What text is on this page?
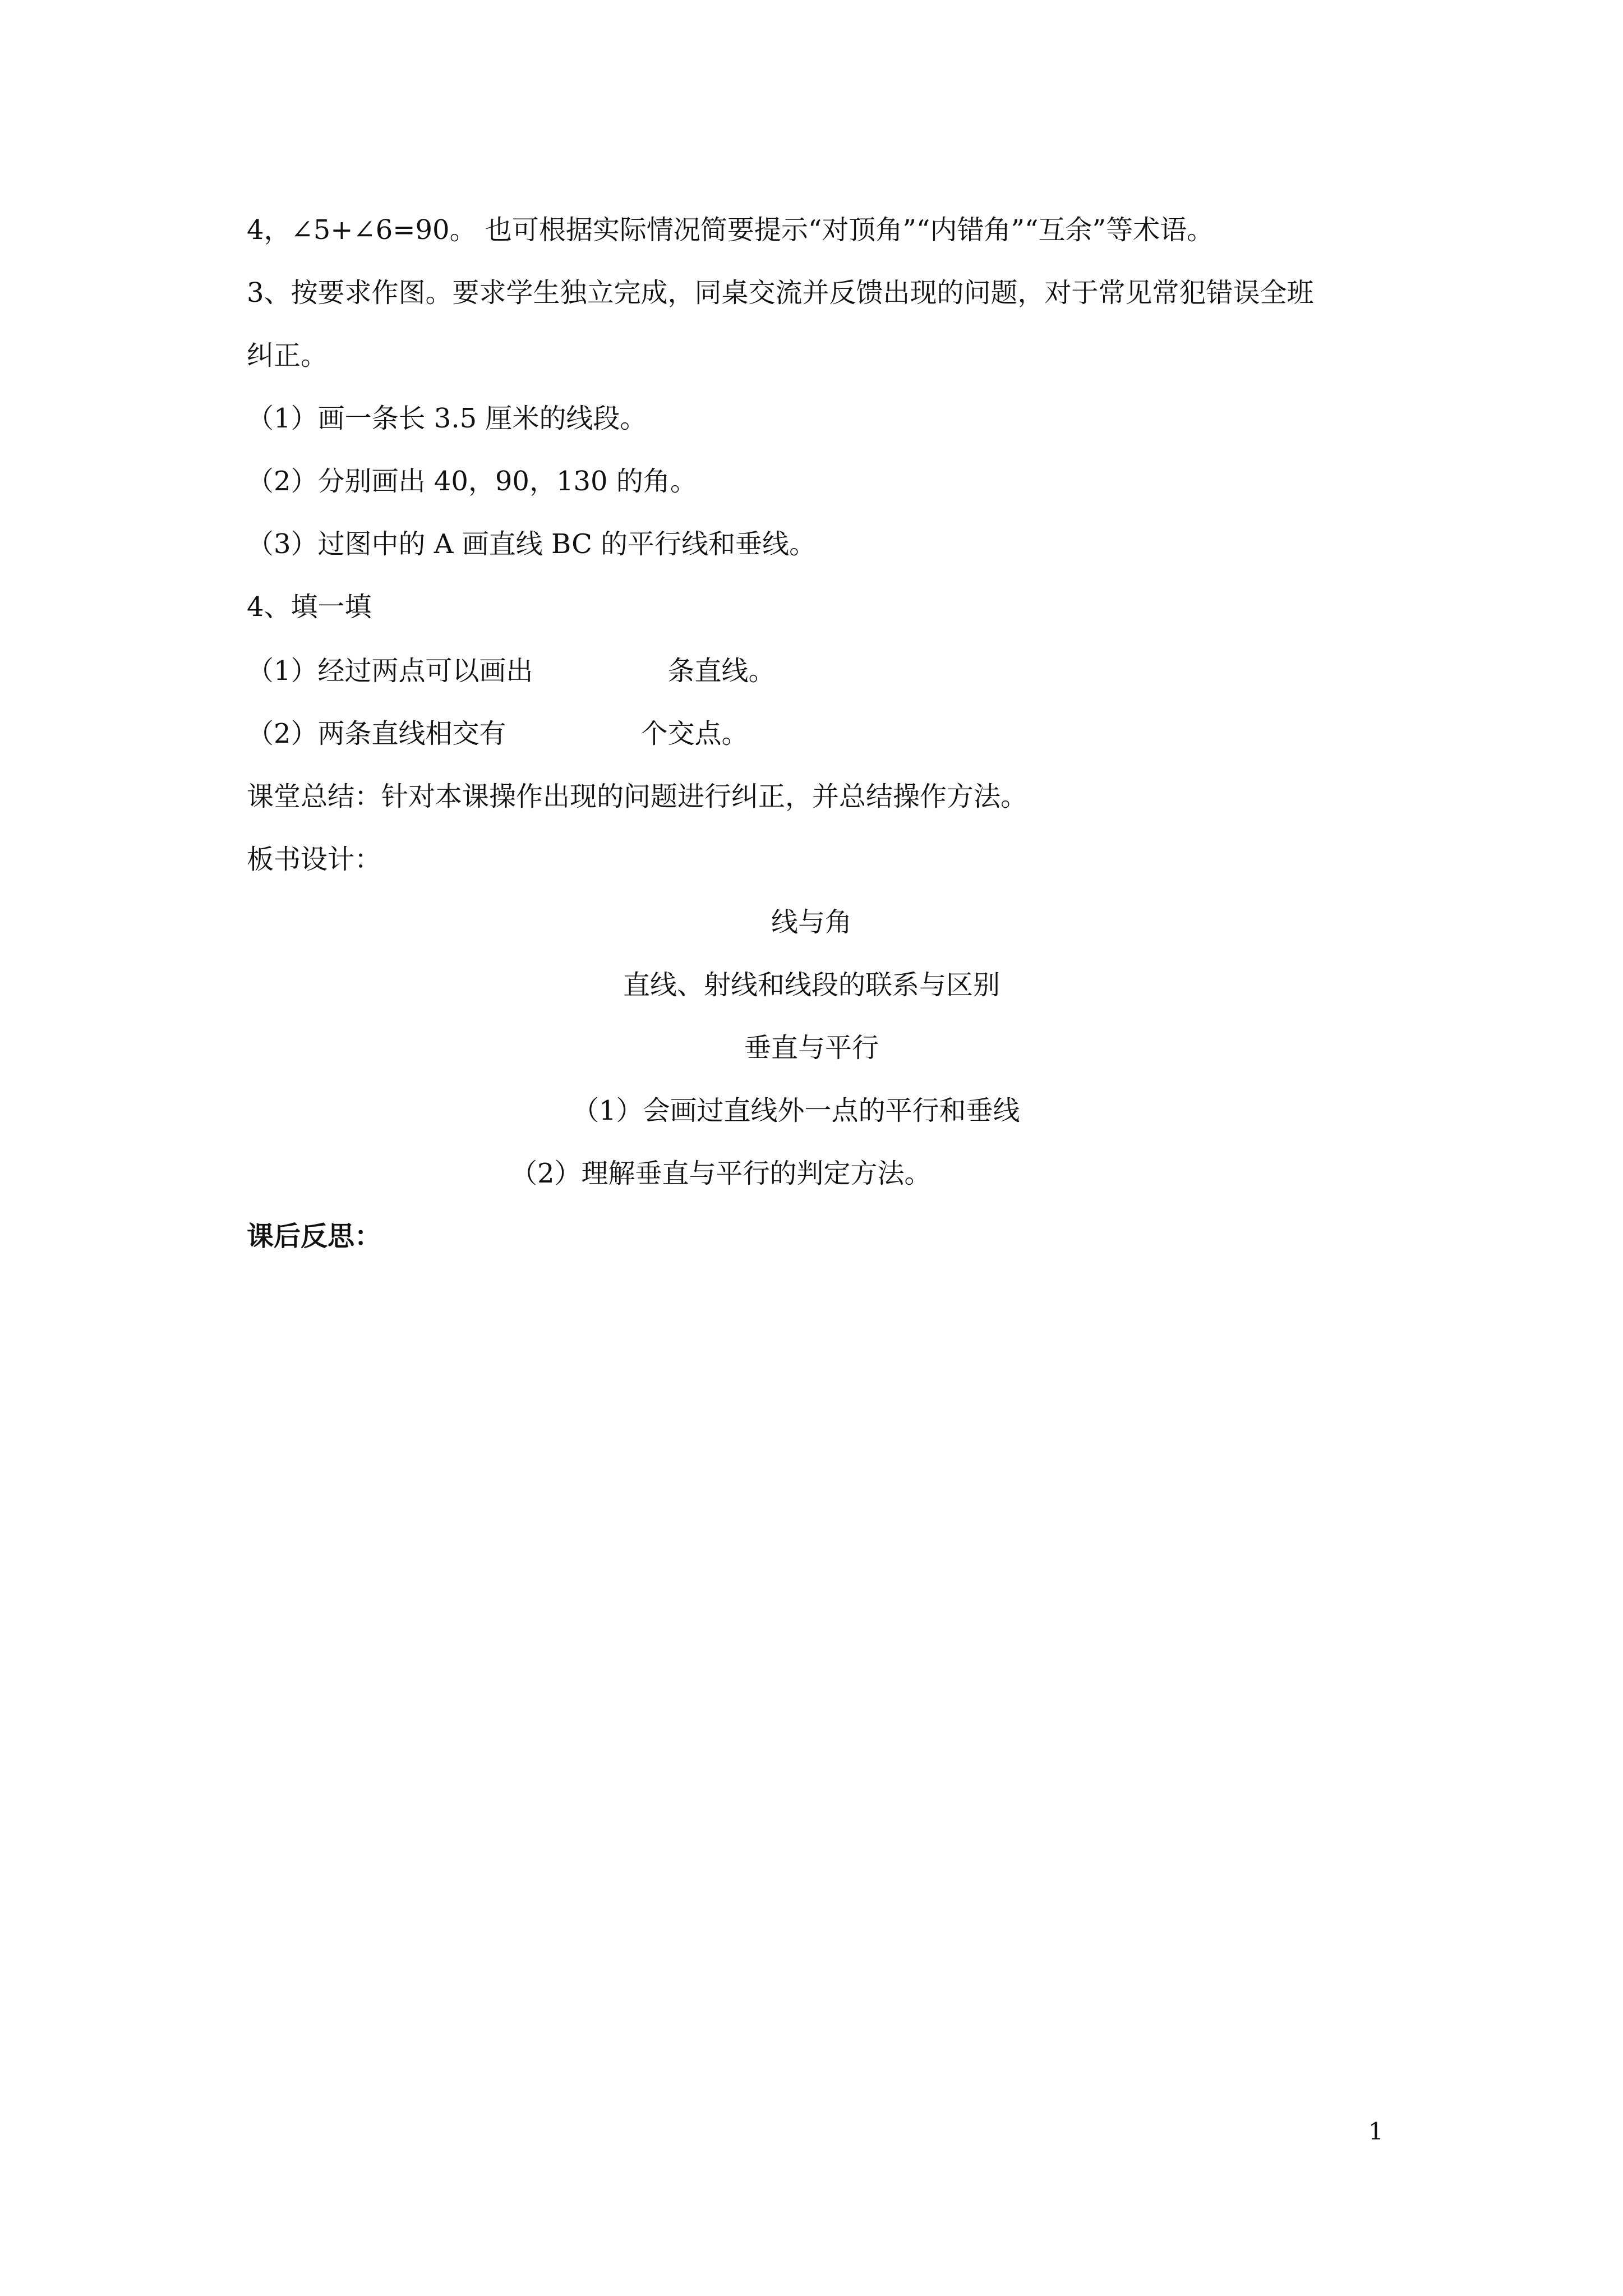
4，∠5+∠6=90。 也可根据实际情况简要提示“对顶角”“内错角”“互余”等术语。
3、按要求作图。要求学生独立完成，同桌交流并反馈出现的问题，对于常见常犯错误全班
纠正。
（1）画一条长 3.5 厘米的线段。
（2）分别画出 40，90，130 的角。
（3）过图中的 A 画直线 BC 的平行线和垂线。
4、填一填
（1）经过两点可以画出	条直线。
（2）两条直线相交有	个交点。
课堂总结：针对本课操作出现的问题进行纠正，并总结操作方法。
板书设计：
线与角
直线、射线和线段的联系与区别
垂直与平行
（1）会画过直线外一点的平行和垂线
（2）理解垂直与平行的判定方法。
课后反思：
1
